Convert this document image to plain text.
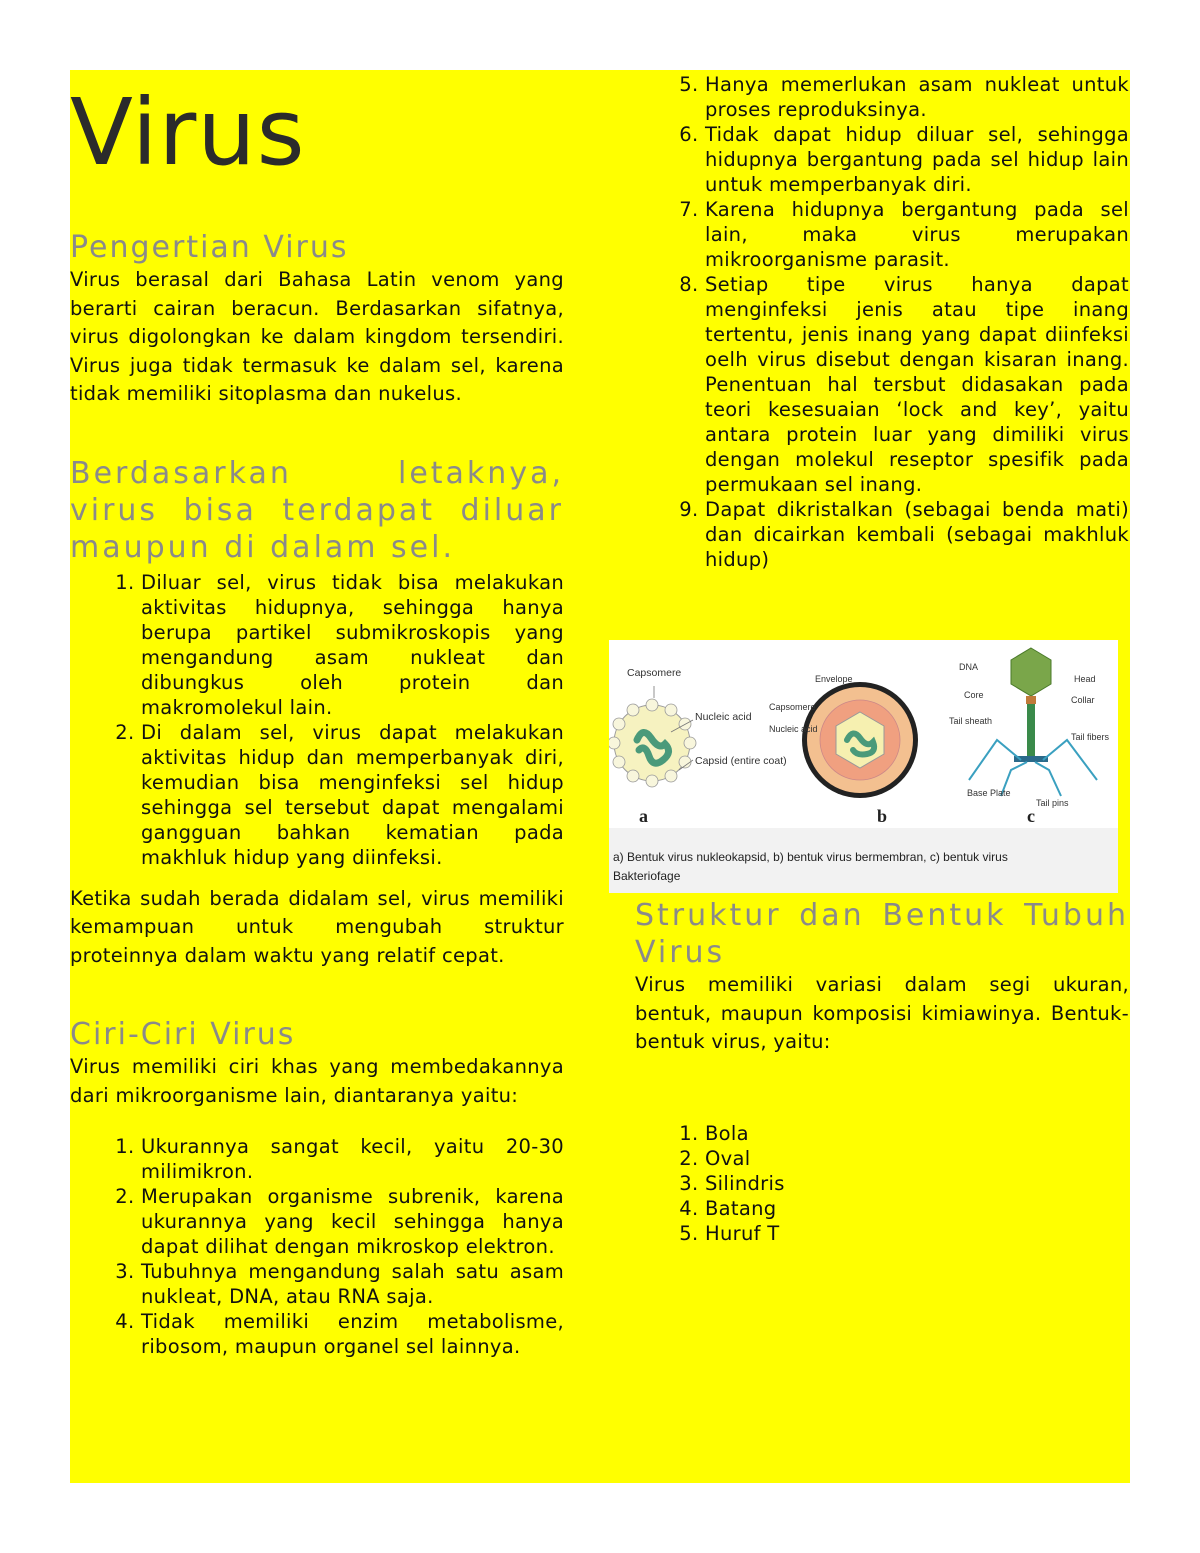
Virus
Pengertian Virus

Virus berasal dari Bahasa Latin venom yang berarti cairan beracun. Berdasarkan sifatnya, virus digolongkan ke dalam kingdom tersendiri. Virus juga tidak termasuk ke dalam sel, karena tidak memiliki sitoplasma dan nukelus.

Berdasarkan letaknya, virus bisa terdapat diluar maupun di dalam sel.
1. Diluar sel, virus tidak bisa melakukan aktivitas hidupnya, sehingga hanya berupa partikel submikroskopis yang mengandung asam nukleat dan dibungkus oleh protein dan makromolekul lain.
2. Di dalam sel, virus dapat melakukan aktivitas hidup dan memperbanyak diri, kemudian bisa menginfeksi sel hidup sehingga sel tersebut dapat mengalami gangguan bahkan kematian pada makhluk hidup yang diinfeksi.

Ketika sudah berada didalam sel, virus memiliki kemampuan untuk mengubah struktur proteinnya dalam waktu yang relatif cepat.

Ciri-Ciri Virus

Virus memiliki ciri khas yang membedakannya dari mikroorganisme lain, diantaranya yaitu:

1. Ukurannya sangat kecil, yaitu 20-30 milimikron.
2. Merupakan organisme subrenik, karena ukurannya yang kecil sehingga hanya dapat dilihat dengan mikroskop elektron.
3. Tubuhnya mengandung salah satu asam nukleat, DNA, atau RNA saja.
4. Tidak memiliki enzim metabolisme, ribosom, maupun organel sel lainnya.
5. Hanya memerlukan asam nukleat untuk proses reproduksinya.
6. Tidak dapat hidup diluar sel, sehingga hidupnya bergantung pada sel hidup lain untuk memperbanyak diri.
7. Karena hidupnya bergantung pada sel lain, maka virus merupakan mikroorganisme parasit.
8. Setiap tipe virus hanya dapat menginfeksi jenis atau tipe inang tertentu, jenis inang yang dapat diinfeksi oelh virus disebut dengan kisaran inang. Penentuan hal tersbut didasakan pada teori kesesuaian ‘lock and key’, yaitu antara protein luar yang dimiliki virus dengan molekul reseptor spesifik pada permukaan sel inang.
9. Dapat dikristalkan (sebagai benda mati) dan dicairkan kembali (sebagai makhluk hidup)
Capsomere
Nucleic acid
Capsid (entire coat)
Envelope
Capsomere
Nucleic acid
DNA
Core
Tail sheath
Base Plate
Head
Collar
Tail fibers
Tail pins
a	b	c
a) Bentuk virus nukleokapsid, b) bentuk virus bermembran, c) bentuk virus
Bakteriofage
Struktur dan Bentuk Tubuh Virus

Virus memiliki variasi dalam segi ukuran, bentuk, maupun komposisi kimiawinya. Bentuk-bentuk virus, yaitu:

1. Bola
2. Oval
3. Silindris
4. Batang
5. Huruf T
